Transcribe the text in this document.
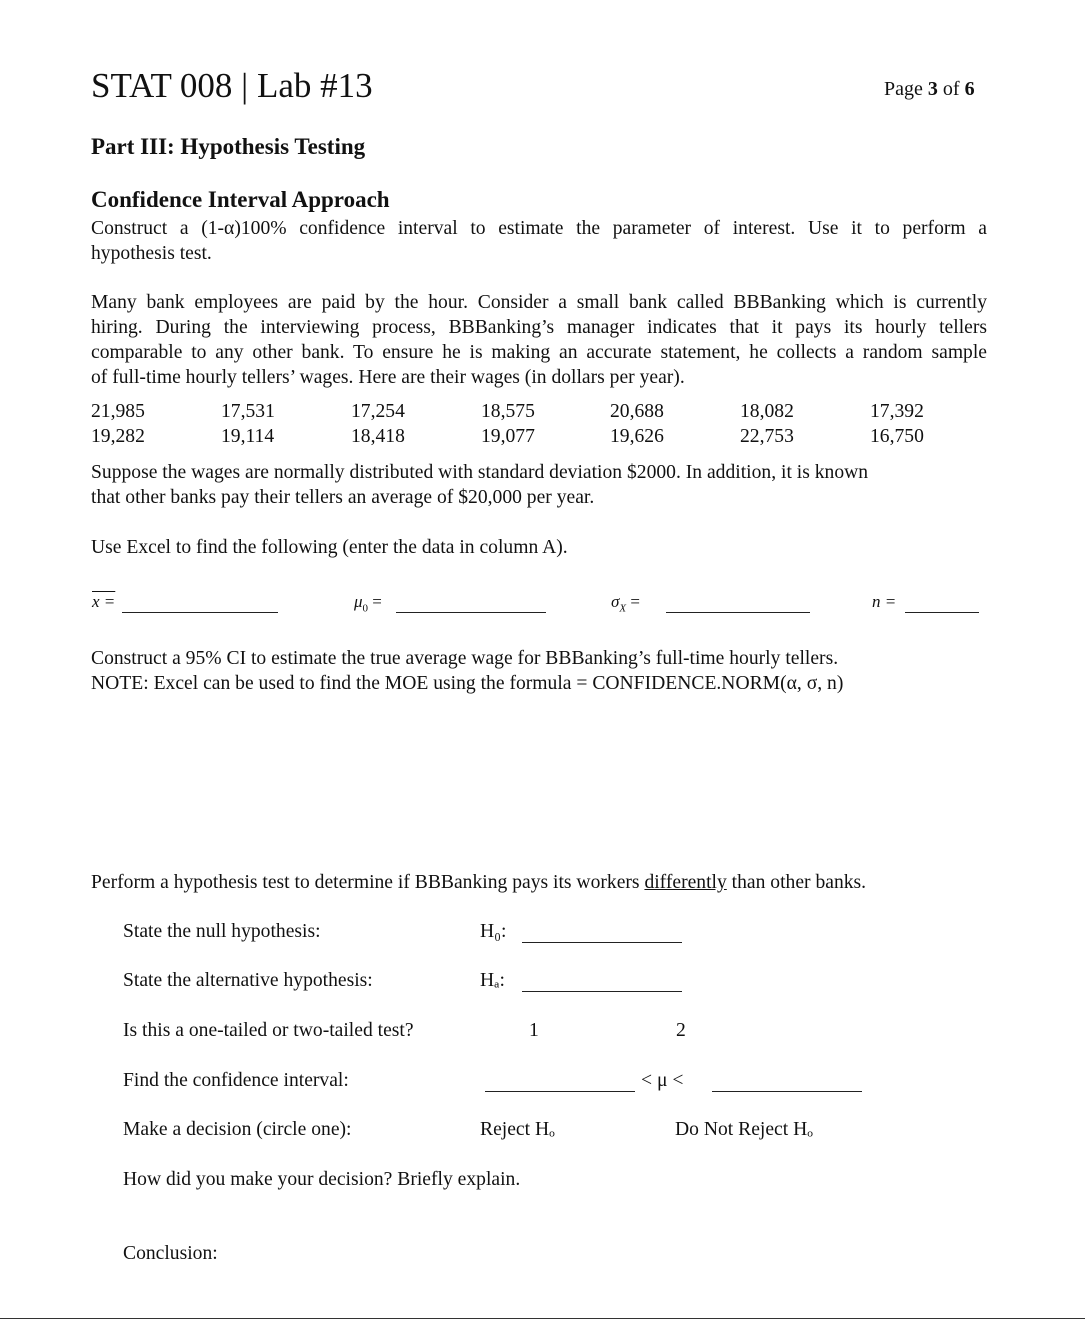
STAT 008 | Lab #13	Page 3 of 6
Part III: Hypothesis Testing
Confidence Interval Approach
Construct a (1-α)100% confidence interval to estimate the parameter of interest. Use it to perform a
hypothesis test.
Many bank employees are paid by the hour. Consider a small bank called BBBanking which is currently
hiring. During the interviewing process, BBBanking’s manager indicates that it pays its hourly tellers
comparable to any other bank. To ensure he is making an accurate statement, he collects a random sample
of full-time hourly tellers’ wages. Here are their wages (in dollars per year).
21,985	17,531	17,254	18,575	20,688	18,082	17,392
19,282	19,114	18,418	19,077	19,626	22,753	16,750
Suppose the wages are normally distributed with standard deviation $2000. In addition, it is known
that other banks pay their tellers an average of $20,000 per year.
Use Excel to find the following (enter the data in column A).
x =	$\mu_0$ =	$\sigma_X$ =	n =
Construct a 95% CI to estimate the true average wage for BBBanking’s full-time hourly tellers.
NOTE: Excel can be used to find the MOE using the formula = CONFIDENCE.NORM(α, σ, n)
Perform a hypothesis test to determine if BBBanking pays its workers differently than other banks.
State the null hypothesis:	H₀:
State the alternative hypothesis:	Hₐ:
Is this a one-tailed or two-tailed test?	1	2
Find the confidence interval:	< μ <
Make a decision (circle one):	Reject Hₒ	Do Not Reject Hₒ
How did you make your decision? Briefly explain.
Conclusion:
